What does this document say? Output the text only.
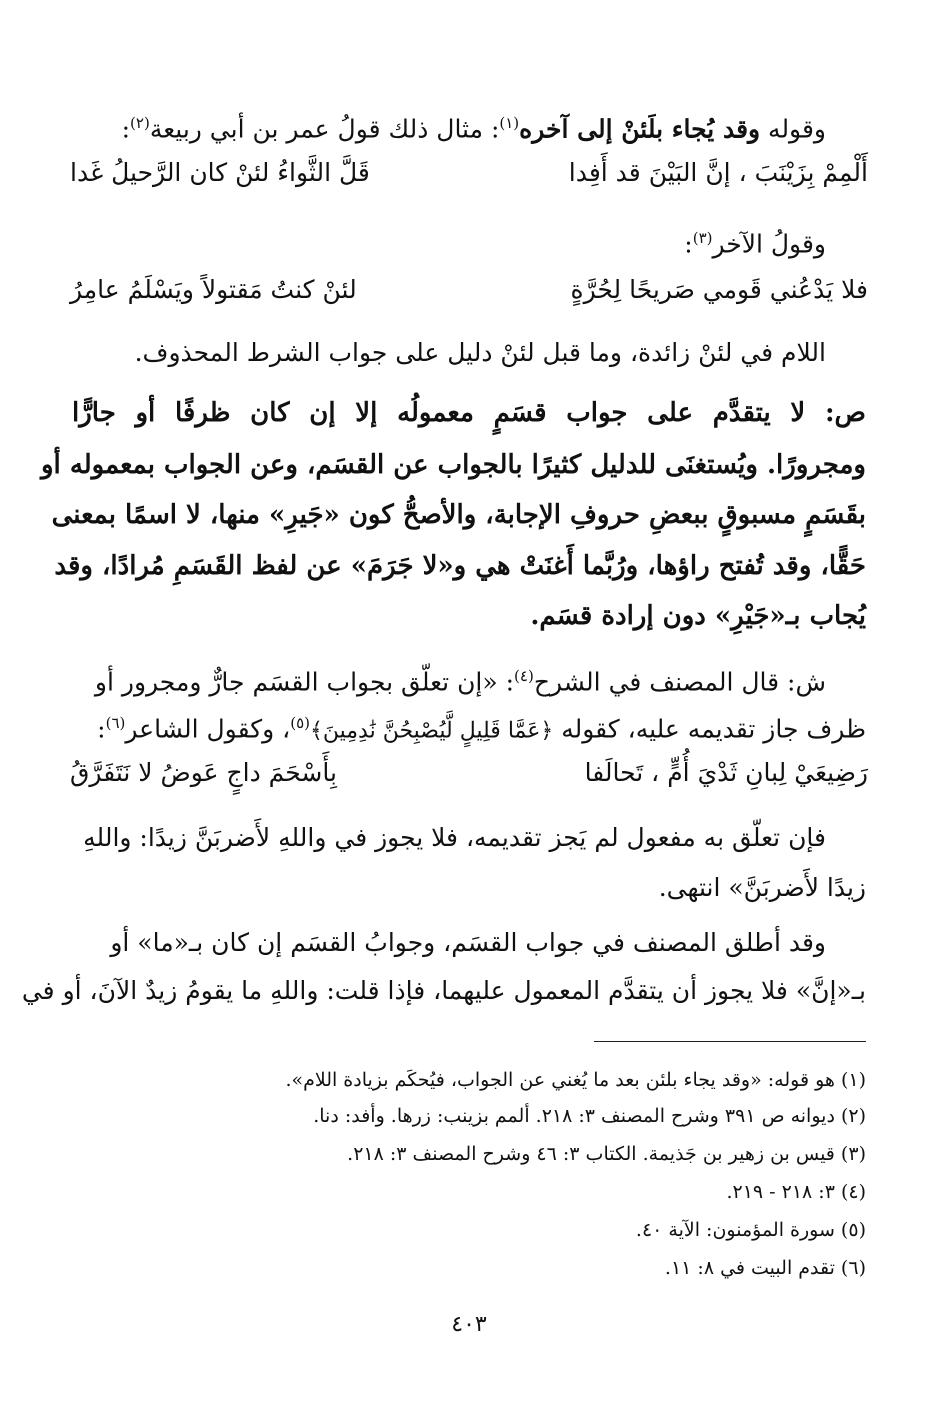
وقوله وقد يُجاء بلَئنْ إلى آخره$^{(١)}$: مثال ذلك قولُ عمر بن أبي ربيعة$^{(٢)}$:
أَلْمِمْ بِزَيْنَبَ ، إنَّ البَيْنَ قد أَفِدا
قَلَّ الثَّواءُ لئنْ كان الرَّحيلُ غَدا
وقولُ الآخر$^{(٣)}$:
فلا يَدْعُني قَومي صَريحًا لِحُرَّةٍ
لئنْ كنتُ مَقتولاً ويَسْلَمُ عامِرُ
اللام في لئنْ زائدة، وما قبل لئنْ دليل على جواب الشرط المحذوف.
ص: لا يتقدَّم على جواب قسَمٍ معمولُه إلا إن كان ظرفًا أو جارًّا
ومجرورًا. ويُستغنَى للدليل كثيرًا بالجواب عن القسَم، وعن الجواب بمعموله أو
بقَسَمٍ مسبوقٍ ببعضِ حروفِ الإجابة، والأصحُّ كون «جَيرِ» منها، لا اسمًا بمعنى
حَقًّا، وقد تُفتح راؤها، ورُبَّما أَغنَتْ هي و«لا جَرَمَ» عن لفظ القَسَمِ مُرادًا، وقد
يُجاب بـ«جَيْرِ» دون إرادة قسَم.
ش: قال المصنف في الشرح$^{(٤)}$: «إن تعلّق بجواب القسَم جارٌّ ومجرور أو
ظرف جاز تقديمه عليه، كقوله ﴿عَمَّا قَلِيلٍ لَّيُصْبِحُنَّ نَٰدِمِينَ﴾$^{(٥)}$، وكقول الشاعر$^{(٦)}$:
رَضِيعَيْ لِبانِ ثَدْيَ أُمٍّ ، تَحالَفا
بِأَسْحَمَ داجٍ عَوضُ لا نَتَفَرَّقُ
فإن تعلّق به مفعول لم يَجز تقديمه، فلا يجوز في واللهِ لأَضربَنَّ زيدًا: واللهِ
زيدًا لأَضربَنَّ» انتهى.
وقد أطلق المصنف في جواب القسَم، وجوابُ القسَم إن كان بـ«ما» أو
بـ«إنَّ» فلا يجوز أن يتقدَّم المعمول عليهما، فإذا قلت: واللهِ ما يقومُ زيدٌ الآنَ، أو في
(١) هو قوله: «وقد يجاء بلئن بعد ما يُغني عن الجواب، فيُحكَم بزيادة اللام».
(٢) ديوانه ص ٣٩١ وشرح المصنف ٣: ٢١٨. ألمم بزينب: زرها. وأفد: دنا.
(٣) قيس بن زهير بن جَذيمة. الكتاب ٣: ٤٦ وشرح المصنف ٣: ٢١٨.
(٤) ٣: ٢١٨ - ٢١٩.
(٥) سورة المؤمنون: الآية ٤٠.
(٦) تقدم البيت في ٨: ١١.
٤٠٣
